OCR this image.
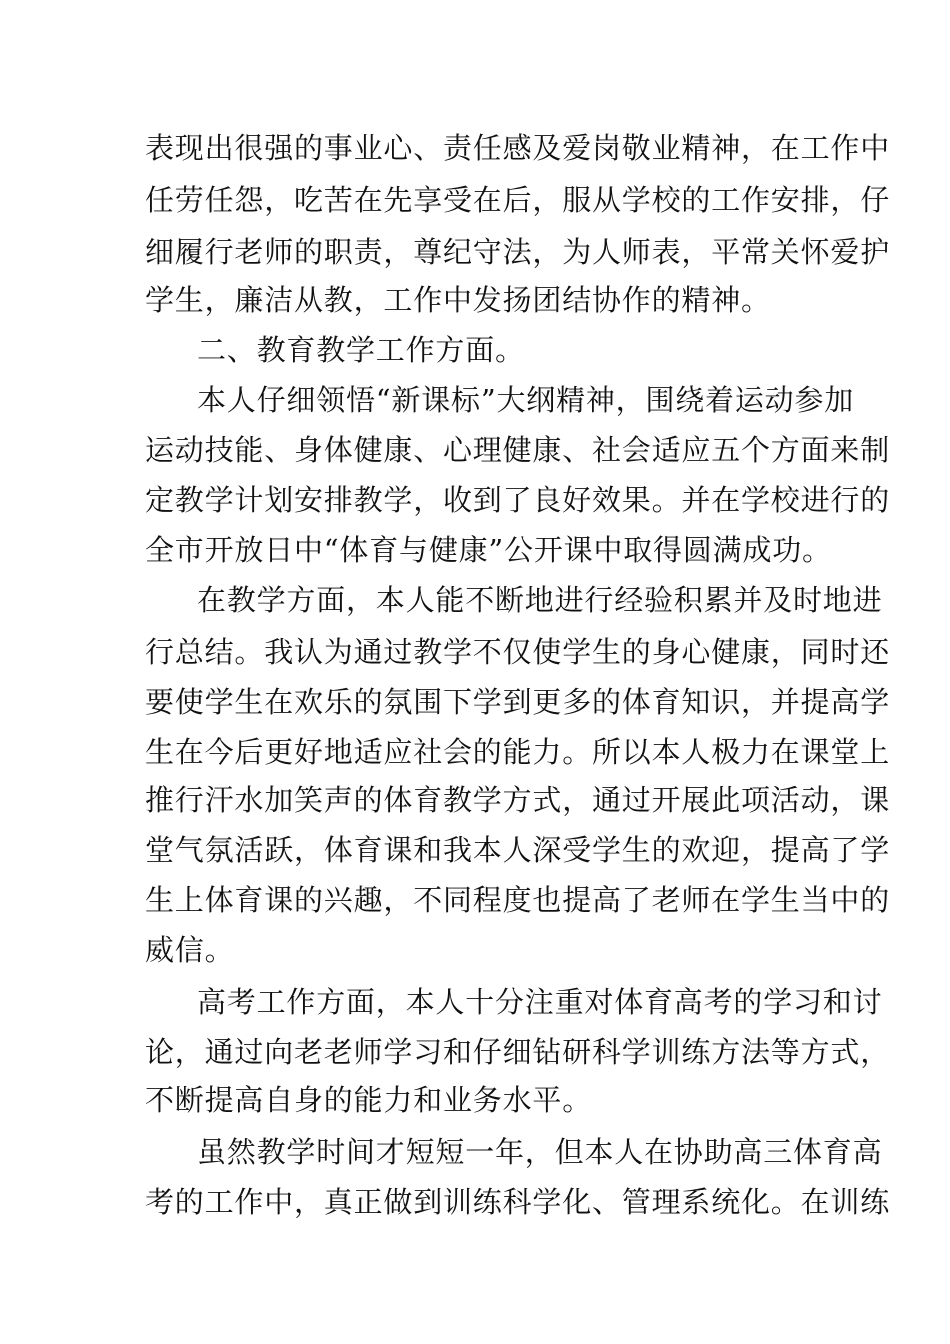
表现出很强的事业心、责任感及爱岗敬业精神，在工作中
任劳任怨，吃苦在先享受在后，服从学校的工作安排，仔
细履行老师的职责，尊纪守法，为人师表，平常关怀爱护
学生，廉洁从教，工作中发扬团结协作的精神。
二、教育教学工作方面。
本人仔细领悟“新课标”大纲精神，围绕着运动参加
运动技能、身体健康、心理健康、社会适应五个方面来制
定教学计划安排教学，收到了良好效果。并在学校进行的
全市开放日中“体育与健康”公开课中取得圆满成功。
在教学方面，本人能不断地进行经验积累并及时地进
行总结。我认为通过教学不仅使学生的身心健康，同时还
要使学生在欢乐的氛围下学到更多的体育知识，并提高学
生在今后更好地适应社会的能力。所以本人极力在课堂上
推行汗水加笑声的体育教学方式，通过开展此项活动，课
堂气氛活跃，体育课和我本人深受学生的欢迎，提高了学
生上体育课的兴趣，不同程度也提高了老师在学生当中的
威信。
高考工作方面，本人十分注重对体育高考的学习和讨
论，通过向老老师学习和仔细钻研科学训练方法等方式，
不断提高自身的能力和业务水平。
虽然教学时间才短短一年，但本人在协助高三体育高
考的工作中，真正做到训练科学化、管理系统化。在训练
